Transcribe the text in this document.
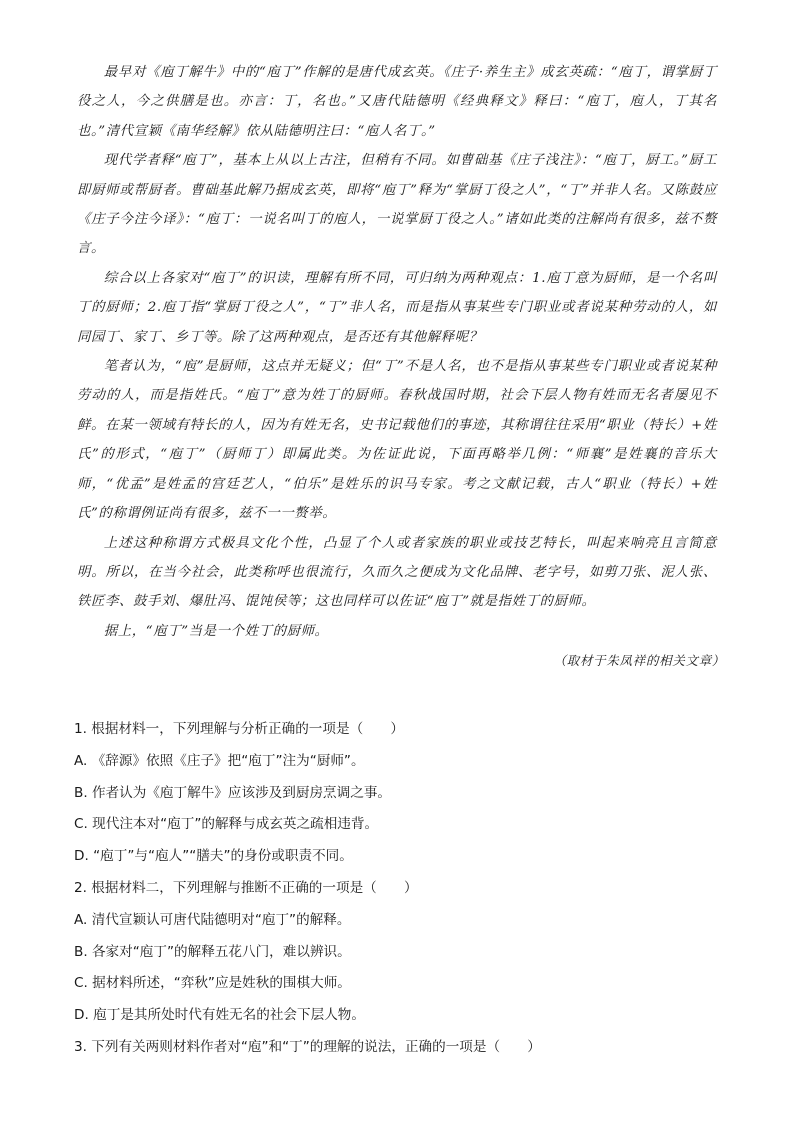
最早对《庖丁解牛》中的“庖丁”作解的是唐代成玄英。《庄子·养生主》成玄英疏：“庖丁，谓掌厨丁役之人，今之供膳是也。亦言：丁，名也。”又唐代陆德明《经典释文》释曰：“庖丁，庖人，丁其名也。”清代宣颖《南华经解》依从陆德明注曰：“庖人名丁。”

现代学者释“庖丁”，基本上从以上古注，但稍有不同。如曹础基《庄子浅注》：“庖丁，厨工。”厨工即厨师或帮厨者。曹础基此解乃据成玄英，即将“庖丁”释为“掌厨丁役之人”，“丁”并非人名。又陈鼓应《庄子今注今译》：“庖丁：一说名叫丁的庖人，一说掌厨丁役之人。”诸如此类的注解尚有很多，兹不赘言。

综合以上各家对“庖丁”的识读，理解有所不同，可归纳为两种观点：1.庖丁意为厨师，是一个名叫丁的厨师；2.庖丁指“掌厨丁役之人”，“丁”非人名，而是指从事某些专门职业或者说某种劳动的人，如同园丁、家丁、乡丁等。除了这两种观点，是否还有其他解释呢？

笔者认为，“庖”是厨师，这点并无疑义；但“丁”不是人名，也不是指从事某些专门职业或者说某种劳动的人，而是指姓氏。“庖丁”意为姓丁的厨师。春秋战国时期，社会下层人物有姓而无名者屡见不鲜。在某一领域有特长的人，因为有姓无名，史书记载他们的事迹，其称谓往往采用“职业（特长）+姓氏”的形式，“庖丁”（厨师丁）即属此类。为佐证此说，下面再略举几例：“师襄”是姓襄的音乐大师，“优孟”是姓孟的宫廷艺人，“伯乐”是姓乐的识马专家。考之文献记载，古人“职业（特长）+姓氏”的称谓例证尚有很多，兹不一一赘举。

上述这种称谓方式极具文化个性，凸显了个人或者家族的职业或技艺特长，叫起来响亮且言简意明。所以，在当今社会，此类称呼也很流行，久而久之便成为文化品牌、老字号，如剪刀张、泥人张、铁匠李、鼓手刘、爆肚冯、馄饨侯等；这也同样可以佐证“庖丁”就是指姓丁的厨师。

据上，“庖丁”当是一个姓丁的厨师。

（取材于朱凤祥的相关文章）

1. 根据材料一，下列理解与分析正确的一项是（　　）

A. 《辞源》依照《庄子》把“庖丁”注为“厨师”。

B. 作者认为《庖丁解牛》应该涉及到厨房烹调之事。

C. 现代注本对“庖丁”的解释与成玄英之疏相违背。

D. “庖丁”与“庖人”“膳夫”的身份或职责不同。

2. 根据材料二，下列理解与推断不正确的一项是（　　）

A. 清代宣颖认可唐代陆德明对“庖丁”的解释。

B. 各家对“庖丁”的解释五花八门，难以辨识。

C. 据材料所述，“弈秋”应是姓秋的围棋大师。

D. 庖丁是其所处时代有姓无名的社会下层人物。

3. 下列有关两则材料作者对“庖”和“丁”的理解的说法，正确的一项是（　　）
